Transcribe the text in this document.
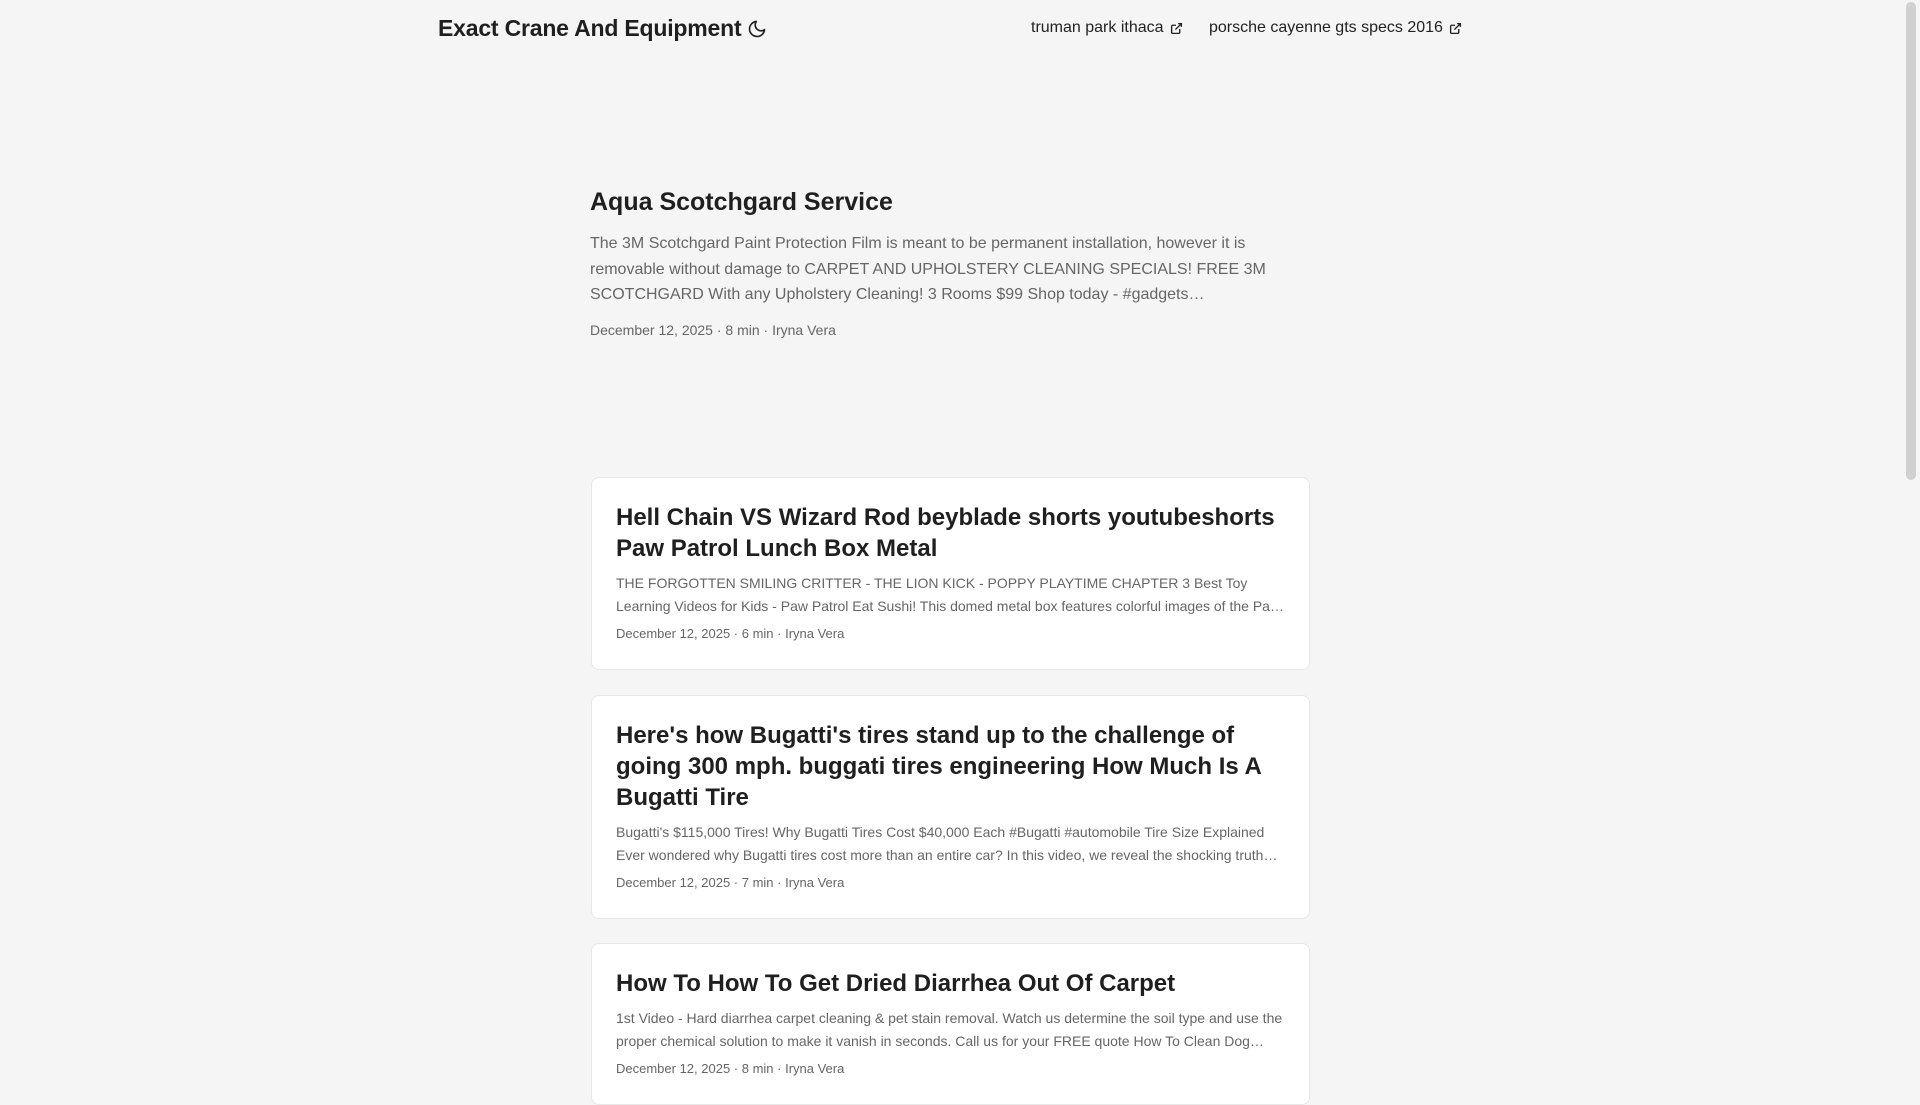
Exact Crane And Equipment	truman park ithaca	porsche cayenne gts specs 2016
Aqua Scotchgard Service

The 3M Scotchgard Paint Protection Film is meant to be permanent installation, however it is removable without damage to CARPET AND UPHOLSTERY CLEANING SPECIALS! FREE 3M SCOTCHGARD With any Upholstery Cleaning! 3 Rooms $99 Shop today - #gadgets

December 12, 2025 · 8 min · Iryna Vera
Hell Chain VS Wizard Rod beyblade shorts youtubeshorts Paw Patrol Lunch Box Metal

THE FORGOTTEN SMILING CRITTER - THE LION KICK - POPPY PLAYTIME CHAPTER 3 Best Toy Learning Videos for Kids - Paw Patrol Eat Sushi! This domed metal box features colorful images of the Paw

December 12, 2025 · 6 min · Iryna Vera
Here's how Bugatti's tires stand up to the challenge of going 300 mph. buggati tires engineering How Much Is A Bugatti Tire

Bugatti's $115,000 Tires! Why Bugatti Tires Cost $40,000 Each #Bugatti #automobile Tire Size Explained Ever wondered why Bugatti tires cost more than an entire car? In this video, we reveal the shocking truth

December 12, 2025 · 7 min · Iryna Vera
How To How To Get Dried Diarrhea Out Of Carpet

1st Video - Hard diarrhea carpet cleaning & pet stain removal. Watch us determine the soil type and use the proper chemical solution to make it vanish in seconds. Call us for your FREE quote How To Clean Dog

December 12, 2025 · 8 min · Iryna Vera
